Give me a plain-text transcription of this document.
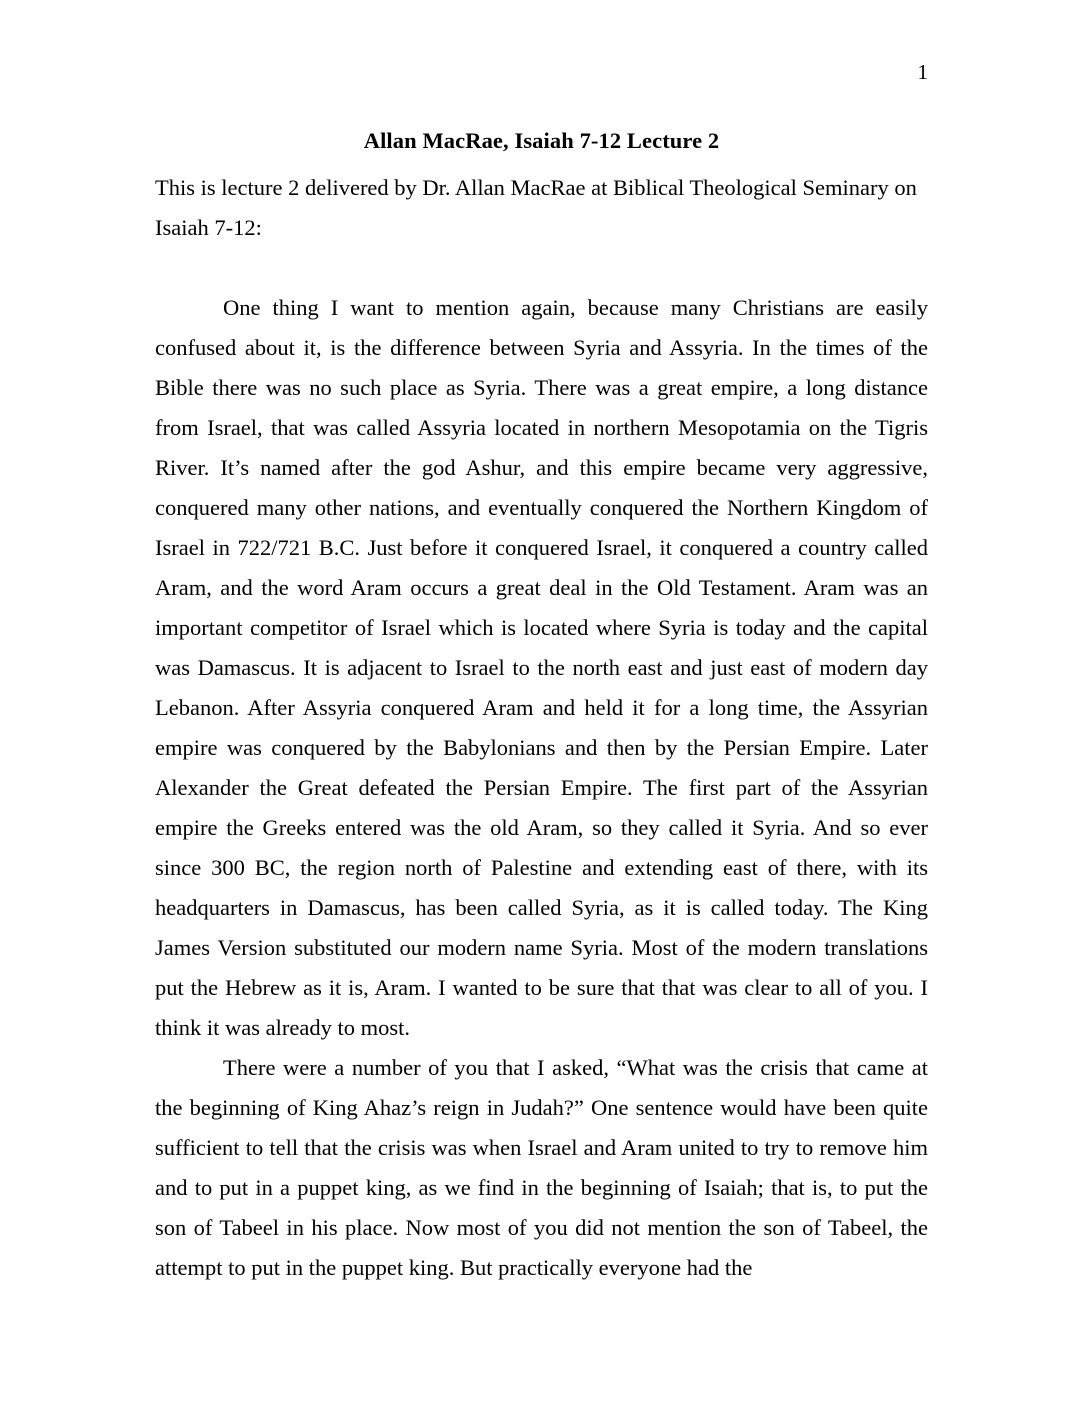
1
Allan MacRae, Isaiah 7-12 Lecture 2

This is lecture 2 delivered by Dr. Allan MacRae at Biblical Theological Seminary on Isaiah 7-12:

One thing I want to mention again, because many Christians are easily confused about it, is the difference between Syria and Assyria. In the times of the Bible there was no such place as Syria. There was a great empire, a long distance from Israel, that was called Assyria located in northern Mesopotamia on the Tigris River. It’s named after the god Ashur, and this empire became very aggressive, conquered many other nations, and eventually conquered the Northern Kingdom of Israel in 722/721 B.C. Just before it conquered Israel, it conquered a country called Aram, and the word Aram occurs a great deal in the Old Testament. Aram was an important competitor of Israel which is located where Syria is today and the capital was Damascus. It is adjacent to Israel to the north east and just east of modern day Lebanon. After Assyria conquered Aram and held it for a long time, the Assyrian empire was conquered by the Babylonians and then by the Persian Empire. Later Alexander the Great defeated the Persian Empire. The first part of the Assyrian empire the Greeks entered was the old Aram, so they called it Syria. And so ever since 300 BC, the region north of Palestine and extending east of there, with its headquarters in Damascus, has been called Syria, as it is called today. The King James Version substituted our modern name Syria. Most of the modern translations put the Hebrew as it is, Aram. I wanted to be sure that that was clear to all of you. I think it was already to most.

There were a number of you that I asked, “What was the crisis that came at the beginning of King Ahaz’s reign in Judah?” One sentence would have been quite sufficient to tell that the crisis was when Israel and Aram united to try to remove him and to put in a puppet king, as we find in the beginning of Isaiah; that is, to put the son of Tabeel in his place. Now most of you did not mention the son of Tabeel, the attempt to put in the puppet king. But practically everyone had the
